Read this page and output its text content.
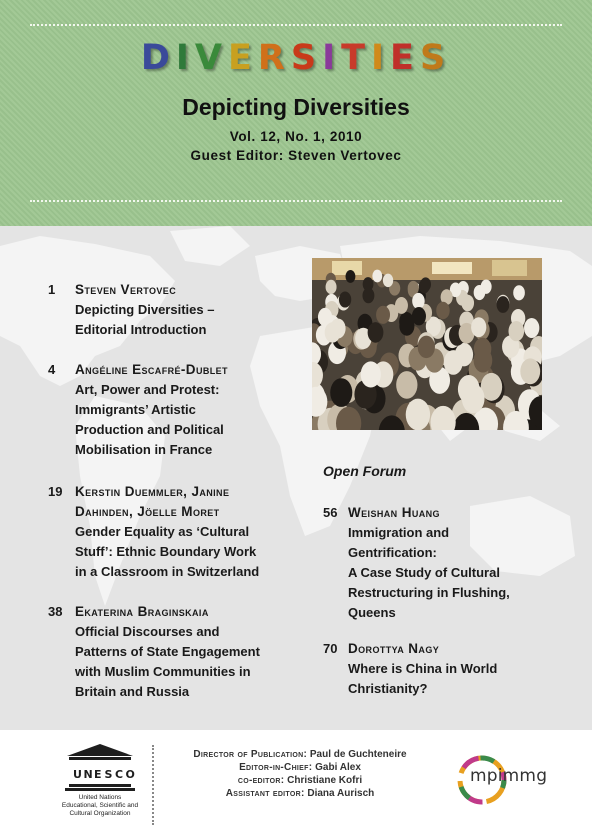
DIVERSITIES
Depicting Diversities
Vol. 12, No. 1, 2010
Guest Editor: Steven Vertovec
1	Steven Vertovec
Depicting Diversities –
Editorial Introduction
4	Angéline Escafré-Dublet
Art, Power and Protest:
Immigrants’ Artistic
Production and Political
Mobilisation in France
19 Kerstin Duemmler, Janine
Dahinden, Jöelle Moret
Gender Equality as ‘Cultural
Stuff’: Ethnic Boundary Work
in a Classroom in Switzerland
38 Ekaterina Braginskaia
Official Discourses and
Patterns of State Engagement
with Muslim Communities in
Britain and Russia
Open Forum
56 Weishan Huang
Immigration and
Gentrification:
A Case Study of Cultural
Restructuring in Flushing,
Queens
70 Dorottya Nagy
Where is China in World
Christianity?
U N E S C O
United Nations
Educational, Scientific and
Cultural Organization
Director of Publication: Paul de Guchteneire
Editor-in-Chief: Gabi Alex
co-editor: Christiane Kofri
Assistant editor: Diana Aurisch
mpimmg
